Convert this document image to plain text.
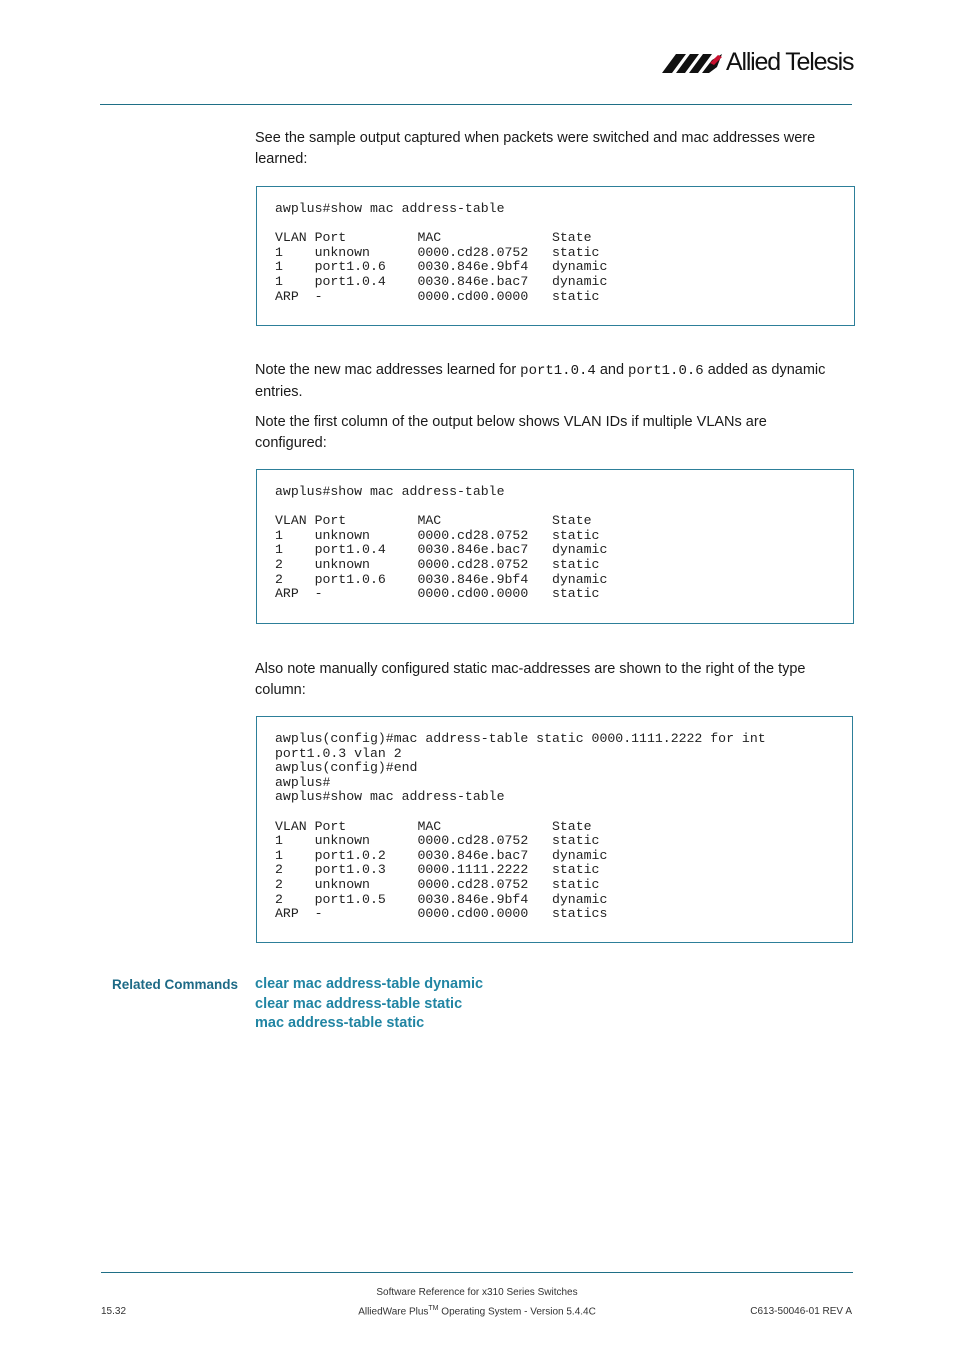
Allied Telesis

See the sample output captured when packets were switched and mac addresses were learned:

awplus#show mac address-table

VLAN Port         MAC              State
1    unknown      0000.cd28.0752   static
1    port1.0.6    0030.846e.9bf4   dynamic
1    port1.0.4    0030.846e.bac7   dynamic
ARP  -            0000.cd00.0000   static

Note the new mac addresses learned for port1.0.4 and port1.0.6 added as dynamic entries.

Note the first column of the output below shows VLAN IDs if multiple VLANs are configured:

awplus#show mac address-table

VLAN Port         MAC              State
1    unknown      0000.cd28.0752   static
1    port1.0.4    0030.846e.bac7   dynamic
2    unknown      0000.cd28.0752   static
2    port1.0.6    0030.846e.9bf4   dynamic
ARP  -            0000.cd00.0000   static

Also note manually configured static mac-addresses are shown to the right of the type column:

awplus(config)#mac address-table static 0000.1111.2222 for int
port1.0.3 vlan 2
awplus(config)#end
awplus#
awplus#show mac address-table

VLAN Port         MAC              State
1    unknown      0000.cd28.0752   static
1    port1.0.2    0030.846e.bac7   dynamic
2    port1.0.3    0000.1111.2222   static
2    unknown      0000.cd28.0752   static
2    port1.0.5    0030.846e.9bf4   dynamic
ARP  -            0000.cd00.0000   statics
Related Commands clear mac address-table dynamic
clear mac address-table static
mac address-table static
Software Reference for x310 Series Switches
AlliedWare Plus™ Operating System - Version 5.4.4C
15.32	C613-50046-01 REV A
